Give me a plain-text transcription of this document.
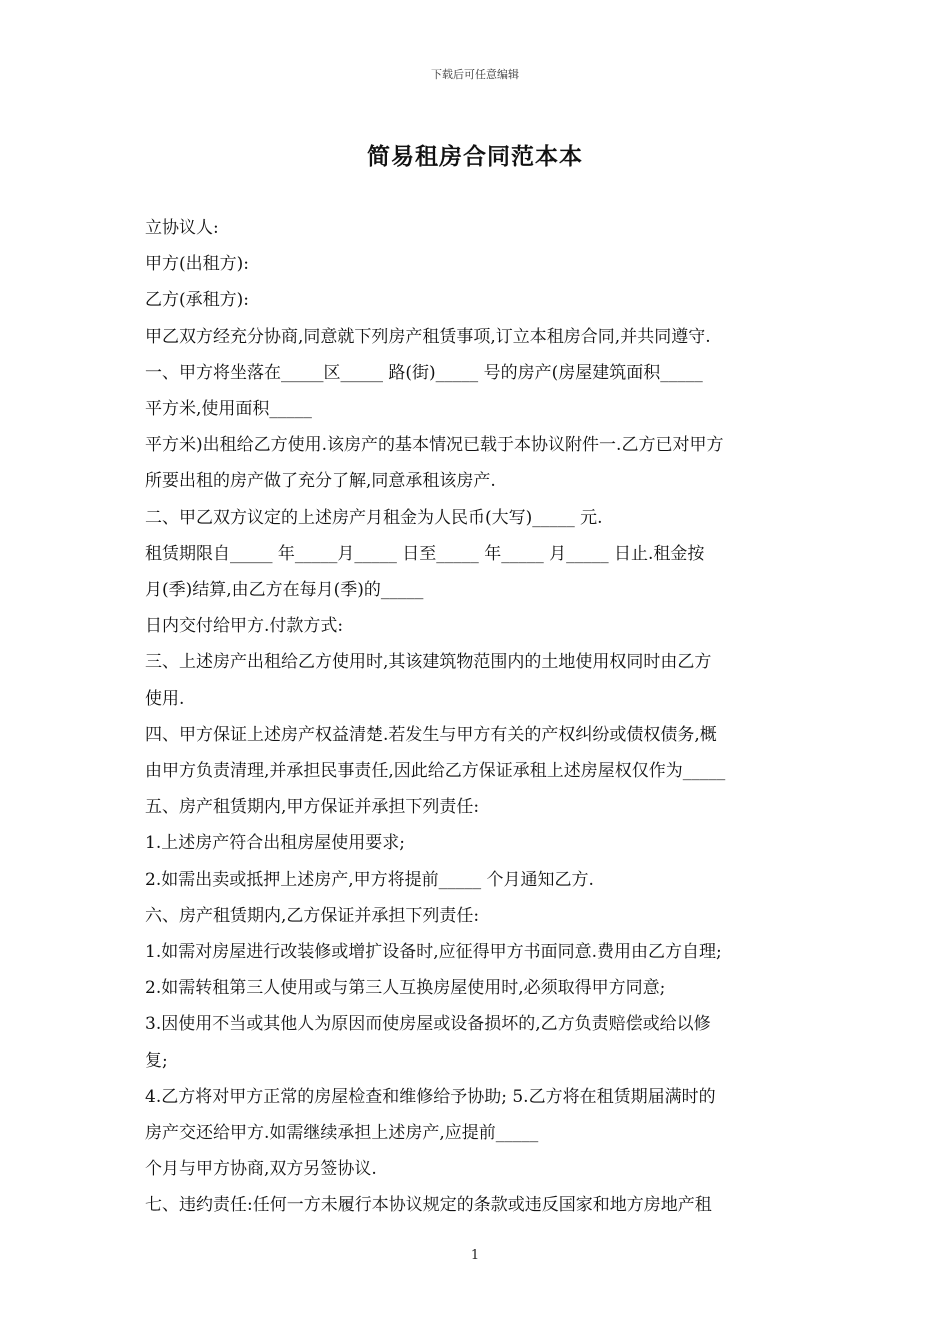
下载后可任意编辑
简易租房合同范本本
立协议人:
甲方(出租方):
乙方(承租方):
甲乙双方经充分协商,同意就下列房产租赁事项,订立本租房合同,并共同遵守.
一、甲方将坐落在_____区_____ 路(街)_____ 号的房产(房屋建筑面积_____
平方米,使用面积_____
平方米)出租给乙方使用.该房产的基本情况已载于本协议附件一.乙方已对甲方
所要出租的房产做了充分了解,同意承租该房产.
二、甲乙双方议定的上述房产月租金为人民币(大写)_____ 元.
租赁期限自_____ 年_____月_____ 日至_____ 年_____ 月_____ 日止.租金按
月(季)结算,由乙方在每月(季)的_____
日内交付给甲方.付款方式:
三、上述房产出租给乙方使用时,其该建筑物范围内的土地使用权同时由乙方
使用.
四、甲方保证上述房产权益清楚.若发生与甲方有关的产权纠纷或债权债务,概
由甲方负责清理,并承担民事责任,因此给乙方保证承租上述房屋权仅作为_____
五、房产租赁期内,甲方保证并承担下列责任:
1.上述房产符合出租房屋使用要求;
2.如需出卖或抵押上述房产,甲方将提前_____ 个月通知乙方.
六、房产租赁期内,乙方保证并承担下列责任:
1.如需对房屋进行改装修或增扩设备时,应征得甲方书面同意.费用由乙方自理;
2.如需转租第三人使用或与第三人互换房屋使用时,必须取得甲方同意;
3.因使用不当或其他人为原因而使房屋或设备损坏的,乙方负责赔偿或给以修
复;
4.乙方将对甲方正常的房屋检查和维修给予协助; 5.乙方将在租赁期届满时的
房产交还给甲方.如需继续承担上述房产,应提前_____
个月与甲方协商,双方另签协议.
七、违约责任:任何一方未履行本协议规定的条款或违反国家和地方房地产租
1
